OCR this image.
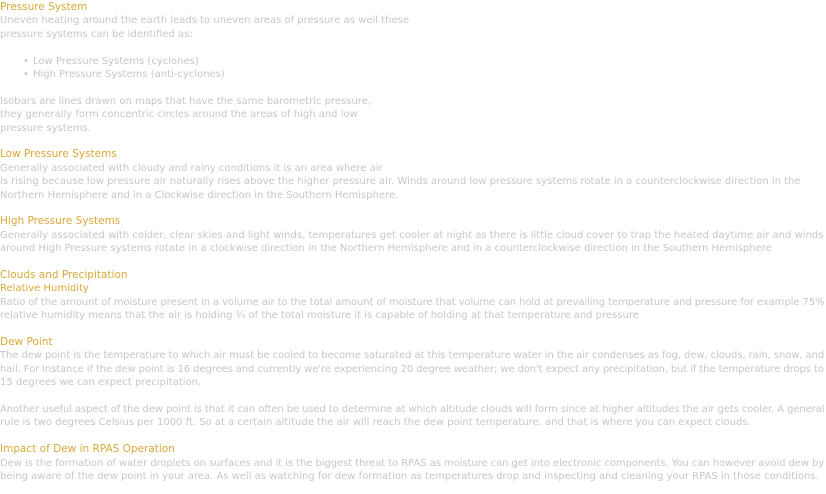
Pressure System

Uneven heating around the earth leads to uneven areas of pressure as well these

pressure systems can be identified as:

• Low Pressure Systems (cyclones)
• High Pressure Systems (anti-cyclones)

Isobars are lines drawn on maps that have the same barometric pressure,

they generally form concentric circles around the areas of high and low

pressure systems.

Low Pressure Systems

Generally associated with cloudy and rainy conditions it is an area where air

is rising because low pressure air naturally rises above the higher pressure air. Winds around low pressure systems rotate in a counterclockwise direction in the

Northern Hemisphere and in a Clockwise direction in the Southern Hemisphere.

High Pressure Systems

Generally associated with colder, clear skies and light winds, temperatures get cooler at night as there is little cloud cover to trap the heated daytime air and winds

around High Pressure systems rotate in a clockwise direction in the Northern Hemisphere and in a counterclockwise direction in the Southern Hemisphere

Clouds and Precipitation
Relative Humidity

Ratio of the amount of moisture present in a volume air to the total amount of moisture that volume can hold at prevailing temperature and pressure for example 75%

relative humidity means that the air is holding ¾ of the total moisture it is capable of holding at that temperature and pressure

Dew Point

The dew point is the temperature to which air must be cooled to become saturated at this temperature water in the air condenses as fog, dew, clouds, rain, snow, and

hail. For instance if the dew point is 16 degrees and currently we're experiencing 20 degree weather; we don't expect any precipitation, but if the temperature drops to

15 degrees we can expect precipitation.

Another useful aspect of the dew point is that it can often be used to determine at which altitude clouds will form since at higher altitudes the air gets cooler. A general

rule is two degrees Celsius per 1000 ft. So at a certain altitude the air will reach the dew point temperature, and that is where you can expect clouds.

Impact of Dew in RPAS Operation

Dew is the formation of water droplets on surfaces and it is the biggest threat to RPAS as moisture can get into electronic components. You can however avoid dew by

being aware of the dew point in your area. As well as watching for dew formation as temperatures drop and inspecting and cleaning your RPAS in those conditions.
